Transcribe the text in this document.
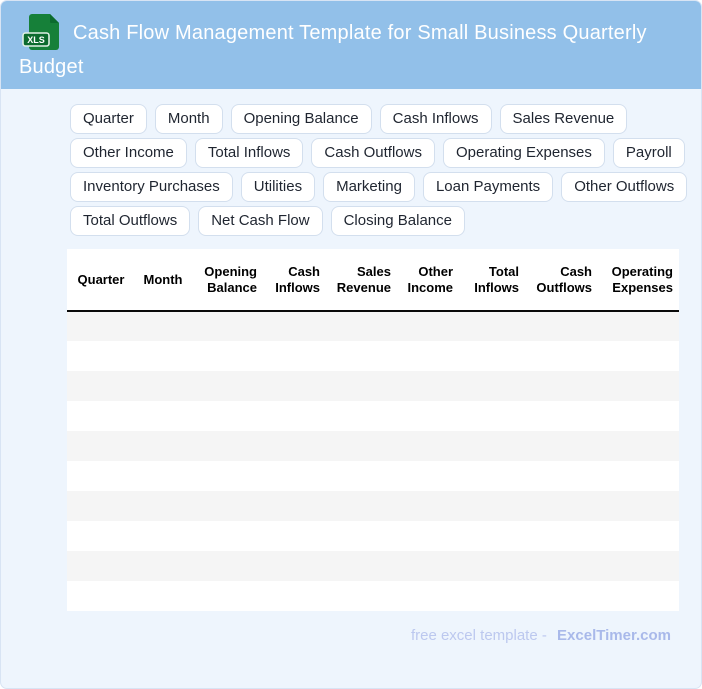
XLS Cash Flow Management Template for Small Business Quarterly Budget
Quarter	Month	Opening Balance	Cash Inflows	Sales Revenue
Other Income	Total Inflows	Cash Outflows	Operating Expenses	Payroll
Inventory Purchases	Utilities	Marketing	Loan Payments	Other Outflows
Total Outflows	Net Cash Flow	Closing Balance
Quarter	Month	Opening Balance	Cash Inflows	Sales Revenue	Other Income	Total Inflows	Cash Outflows	Operating Expenses

free excel template - ExcelTimer.com
